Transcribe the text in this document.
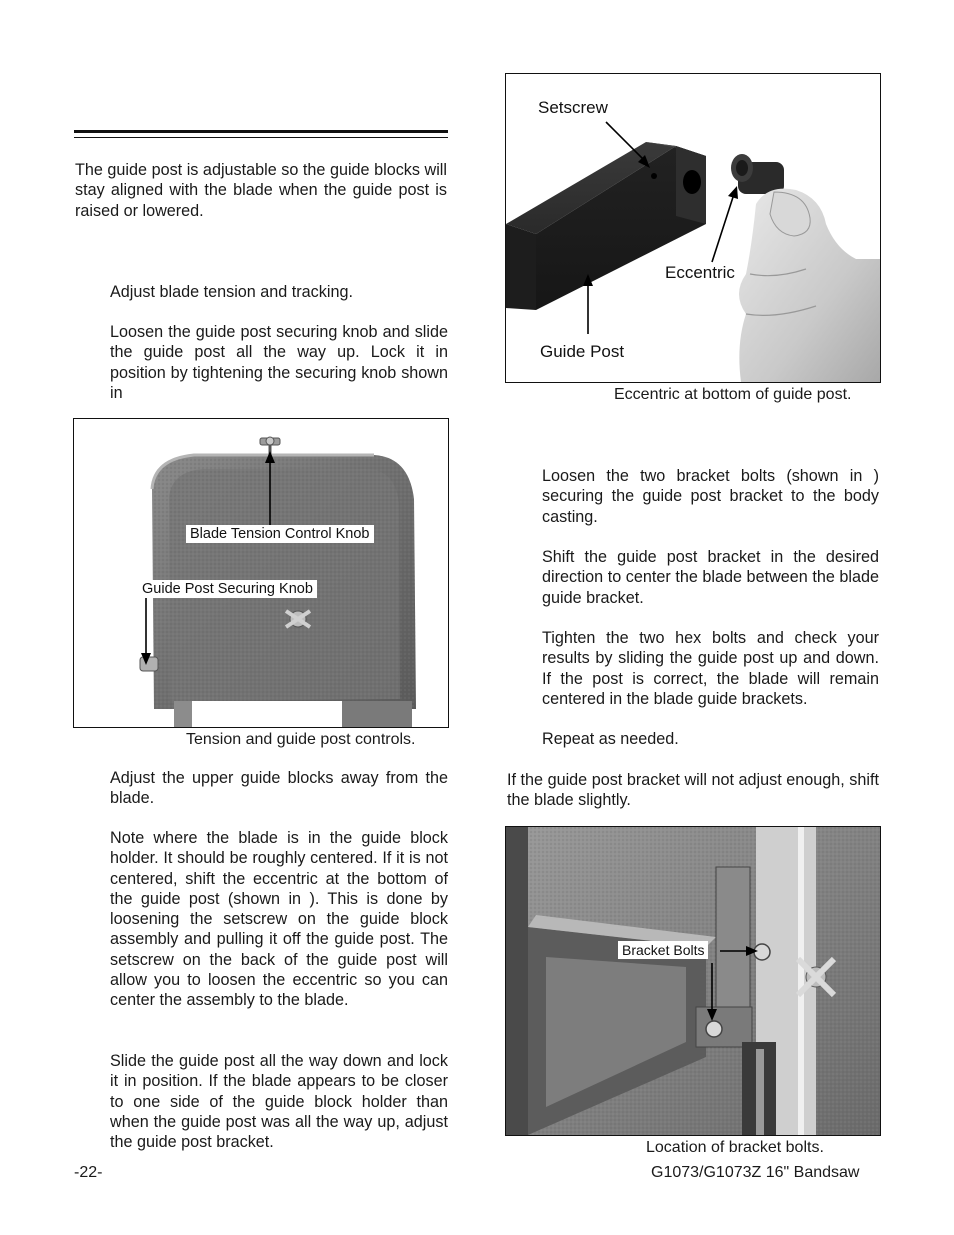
The guide post is adjustable so the guide blocks will stay aligned with the blade when the guide post is raised or lowered.

Adjust blade tension and tracking.

Loosen the guide post securing knob and slide the guide post all the way up. Lock it in position by tightening the securing knob shown in

Blade Tension Control Knob
Guide Post Securing Knob
Tension and guide post controls.

Adjust the upper guide blocks away from the blade.

Note where the blade is in the guide block holder. It should be roughly centered. If it is not centered, shift the eccentric at the bottom of the guide post (shown in ). This is done by loosening the setscrew on the guide block assembly and pulling it off the guide post. The setscrew on the back of the guide post will allow you to loosen the eccentric so you can center the assembly to the blade.

Slide the guide post all the way down and lock it in position. If the blade appears to be closer to one side of the guide block holder than when the guide post was all the way up, adjust the guide post bracket.

Setscrew
Eccentric
Guide Post
Eccentric at bottom of guide post.

Loosen the two bracket bolts (shown in ) securing the guide post bracket to the body casting.

Shift the guide post bracket in the desired direction to center the blade between the blade guide bracket.

Tighten the two hex bolts and check your results by sliding the guide post up and down. If the post is correct, the blade will remain centered in the blade guide brackets.

Repeat as needed.

If the guide post bracket will not adjust enough, shift the blade slightly.

Bracket Bolts
Location of bracket bolts.
-22-	G1073/G1073Z 16" Bandsaw
